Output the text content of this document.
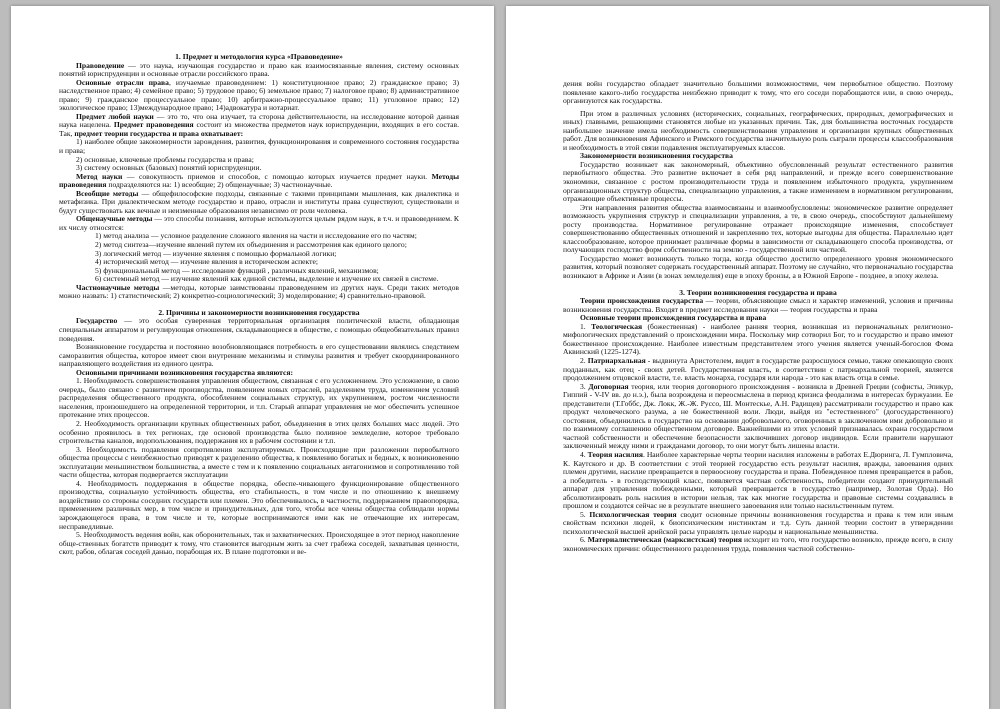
1. Предмет и методология курса «Правоведение»

Правоведение — это наука, изучающая государство и право как взаимосвязанные явления, систему основных понятий юриспруденции и основные отрасли российского права.

Основные отрасли права, изучаемые правоведением: 1) конституционное право; 2) гражданское право; 3) наследственное право; 4) семейное право; 5) трудовое право; 6) земельное право; 7) налоговое право; 8) административное право; 9) гражданское процессуальное право; 10) арбитражно-процессуальное право; 11) уголовное право; 12) экологическое право; 13)международное право; 14)адвокатура и нотариат.

Предмет любой науки — это то, что она изучает, та сторона действительности, на исследование которой данная наука нацелена. Предмет правоведения состоит из множества предметов наук юриспруденции, входящих в его состав. Так, предмет теории государства и права охватывает:

1) наиболее общие закономерности зарождения, развития, функционирования и современного состояния государства и права;

2) основные, ключевые проблемы государства и права;

3) систему основных (базовых) понятий юриспруденции.

Метод науки — совокупность приемов и способов, с помощью которых изучается предмет науки. Методы правоведения подразделяются на: 1) всеобщие; 2) общенаучные; 3) частнонаучные.

Всеобщие методы — общефилософские подходы, связанные с такими принципами мышления, как диалектика и метафизика. При диалектическом методе государство и право, отрасли и институты права существуют, существовали и будут существовать как вечные и неизменные образования независимо от роли человека.

Общенаучные методы — это способы познания, которые используются целым рядом наук, в т.ч. и правоведением. К их числу относятся:

1) метод анализа — условное разделение сложного явления на части и исследование его по частям;

2) метод синтеза—изучение явлений путем их объединения и рассмотрения как единого целого;

3) логический метод — изучение явления с помощью формальной логики;

4) исторический метод — изучение явления в историческом аспекте;

5) функциональный метод — исследование функций , различных явлений, механизмов;

6) системный метод — изучение явлений как единой системы, выделение и изучение их связей в системе.

Частнонаучные методы —методы, которые заимствованы правоведением из других наук. Среди таких методов можно назвать: 1) статистический; 2) конкретно-социологический; 3) моделирование; 4) сравнительно-правовой.

2. Причины и закономерности возникновения государства

Государство — это особая суверенная территориальная организация политической власти, обладающая специальным аппаратом и регулирующая отношения, складывающиеся в обществе, с помощью общеобязательных правил поведения.

Возникновение государства и постоянно возобновляющаяся потребность в его существовании являлись следствием саморазвития общества, которое имеет свои внутренние механизмы и стимулы развития и требует скоординированного направляющего воздействия из единого центра.

Основными причинами возникновения государства являются:

1. Необходимость совершенствования управления обществом, связанная с его усложнением. Это усложнение, в свою очередь, было связано с развитием производства, появлением новых отраслей, разделением труда, изменением условий распределения общественного продукта, обособлением социальных структур, их укрупнением, ростом численности населения, произошедшего на определенной территории, и т.п. Старый аппарат управления не мог обеспечить успешное протекание этих процессов.

2. Необходимость организации крупных общественных работ, объединения в этих целях больших масс людей. Это особенно проявилось в тех регионах, где основой производства было поливное земледелие, которое требовало строительства каналов, водопользования, поддержания их в рабочем состоянии и т.п.

3. Необходимость подавления сопротивления эксплуатируемых. Происходящие при разложении первобытного общества процессы с неизбежностью приводят к разделению общества, к появлению богатых и бедных, к возникновению эксплуатации меньшинством большинства, а вместе с тем и к появлению социальных антагонизмов и сопротивлению той части общества, которая подвергается эксплуатации

4. Необходимость поддержания в обществе порядка, обеспе-чивающего функционирование общественного производства, социальную устойчивость общества, его стабильность, в том числе и по отношению к внешнему воздействию со стороны соседних государств или племен. Это обеспечивалось, в частности, поддержанием правопорядка, применением различных мер, в том числе и принудительных, для того, чтобы все члены общества соблюдали нормы зарождающегося права, в том числе и те, которые воспринимаются ими как не отвечающие их интересам, несправедливые.

5. Необходимость ведения войн, как оборонительных, так и захватнических. Происходящее в этот период накопление обще-ственных богатств приводит к тому, что становится выгодным жить за счет грабежа соседей, захватывая ценности, скот, рабов, облагая соседей данью, порабощая их. В плане подготовки и ве-

дения войн государство обладает значительно большими возможностями, чем первобытное общество. Поэтому появление какого-либо государства неизбежно приводит к тому, что его соседи порабощаются или, в свою очередь, организуются как государства.

При этом в различных условиях (исторических, социальных, географических, природных, демографических и иных) главными, решающими становятся любые из указанных причин. Так, для большинства восточных государств наибольшее значение имела необходимость совершенствования управления и организации крупных общественных работ. Для возникновения Афинского и Римского государства значительную роль сыграли процессы классообразования и необходимость в этой связи подавления эксплуатируемых классов.

Закономерности возникновения государства

Государство возникает как закономерный, объективно обусловленный результат естественного развития первобытного общества. Это развитие включает в себя ряд направлений, и прежде всего совершенствование экономики, связанное с ростом производительности труда и появлением избыточного продукта, укрупнением организационных структур общества, специализацию управления, а также изменением в нормативном регулировании, отражающие объективные процессы.

Эти направления развития общества взаимосвязаны и взаимообусловлены: экономическое развитие определяет возможность укрупнения структур и специализации управления, а те, в свою очередь, способствуют дальнейшему росту производства. Нормативное регулирование отражает происходящие изменения, способствует совершенствованию общественных отношений и закреплению тех, которые выгодны для общества. Параллельно идет классообразование, которое принимает различные формы в зависимости от складывающего способа производства, от получающих господство форм собственности на землю - государственной или частной.

Государство может возникнуть только тогда, когда общество достигло определенного уровня экономического развития, который позволяет содержать государственный аппарат. Поэтому не случайно, что первоначально государства возникают в Африке и Азии (в зонах земледелия) еще в эпоху бронзы, а в Южной Европе - позднее, в эпоху железа.

3. Теории возникновения государства и права

Теории происхождения государства — теории, объясняющие смысл и характер изменений, условия и причины возникновения государства. Входят в предмет исследования науки — теория государства и права

Основные теории происхождения государства и права

1. Теологическая (божественная) - наиболее ранняя теория, возникшая из первоначальных религиозно-мифологических представлений о происхождении мира. Поскольку мир сотворил Бог, то и государство и право имеют божественное происхождение. Наиболее известным представителем этого учения является ученый-богослов Фома Аквинский (1225-1274).

2. Патриархальная - выдвинута Аристотелем, видит в государстве разросшуюся семью, также опекающую своих подданных, как отец - своих детей. Государственная власть, в соответствии с патриархальной теорией, является продолжением отцовской власти, т.е. власть монарха, государя или народа - это как власть отца в семье.

3. Договорная теория, или теория договорного происхождения - возникла в Древней Греции (софисты, Эпикур, Гиппий - V-IV вв. до н.э.), была возрождена и переосмыслена в период кризиса феодализма в интересах буржуазии. Ее представители (Т.Гоббс, Дж. Локк, Ж.-Ж. Руссо, Ш. Монтескье, А.Н. Радищев) рассматривали государство и право как продукт человеческого разума, а не божественной воли. Люди, выйдя из "естественного" (догосударственного) состояния, объединились в государство на основании добровольного, оговоренных в заключенном ими добровольно и по взаимному соглашению общественном договоре. Важнейшими из этих условий признавалась охрана государством частной собственности и обеспечение безопасности заключивших договор индивидов. Если правители нарушают заключенный между ними и гражданами договор, то они могут быть лишены власти.

4. Теория насилия. Наиболее характерные черты теории насилия изложены в работах Е.Дюринга, Л. Гумпловича, К. Каутского и др. В соответствии с этой теорией государство есть результат насилия, вражды, завоевания одних племен другими, насилие превращается в первооснову государства и права. Побежденное племя превращается в рабов, а победитель - в господствующий класс, появляется частная собственность, победители создают принудительный аппарат для управления побежденными, который превращается в государство (например, Золотая Орда). Но абсолютизировать роль насилия в истории нельзя, так как многие государства и правовые системы создавались в прошлом и создаются сейчас не в результате внешнего завоевания или только насильственным путем.

5. Психологическая теория сводит основные причины возникновения государства и права к тем или иным свойствам психики людей, к биопсихическим инстинктам и т.д. Суть данной теории состоит в утверждении психологической высшей арийской расы управлять целые народы и национальные меньшинства.

6. Материалистическая (марксистская) теория исходит из того, что государство возникло, прежде всего, в силу экономических причин: общественного разделения труда, появления частной собственно-
